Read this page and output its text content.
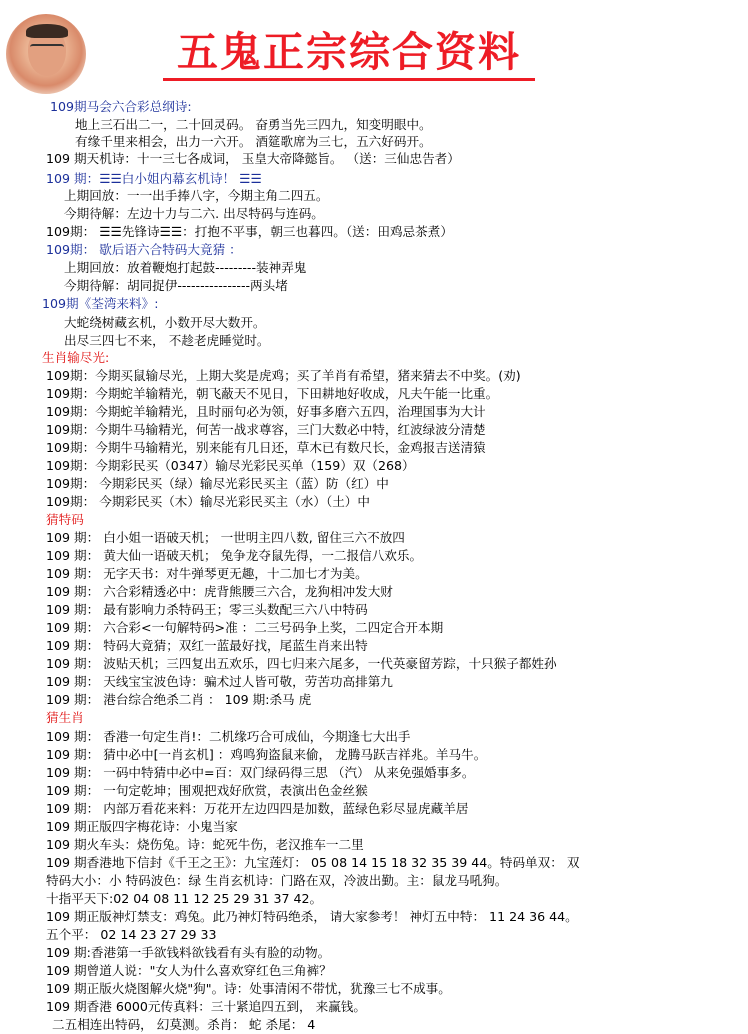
五鬼正宗综合资料
109期马会六合彩总纲诗:
地上三石出二一，二十回灵码。 奋勇当先三四九，知变明眼中。
有缘千里来相会，出力一六开。 酒筵歌席为三七，五六好码开。
109 期天机诗：十一三七各成词， 玉皇大帝降懿旨。 （送：三仙忠告者）
109 期：☰☰白小姐内幕玄机诗！ ☰☰
上期回放：一一出手捧八字，今期主角二四五。
今期待解：左边十力与二六. 出尽特码与连码。
109期： ☰☰先锋诗☰☰：打抱不平事，朝三也暮四。（送：田鸡忌茶煮）
109期： 歇后语六合特码大竟猜 ：
上期回放：放着鞭炮打起鼓---------装神弄鬼
今期待解：胡同捉伊----------------两头堵
109期《荃湾来料》:
大蛇绕树藏玄机，小数开尽大数开。
出尽三四七不来， 不趁老虎睡觉时。
生肖输尽光:
109期：今期买鼠输尽光，上期大奖是虎鸡；买了羊肖有希望，猪来猜去不中奖。(劝)
109期：今期蛇羊输精光，朝飞蔽天不见日，下田耕地好收成，凡夫午能一比重。
109期：今期蛇羊输精光，且时丽句必为领，好事多磨六五四，治理国事为大计
109期：今期牛马输精光，何苦一战求尊容，三门大数必中特，红波绿波分清楚
109期：今期牛马输精光，别来能有几日还，草木已有数尺长，金鸡报吉送清猿
109期：今期彩民买（0347）输尽光彩民买单（159）双（268）
109期： 今期彩民买（绿）输尽光彩民买主（蓝）防（红）中
109期： 今期彩民买（木）输尽光彩民买主（水）（土）中
猜特码
109 期： 白小姐一语破天机； 一世明主四八数, 留住三六不放四
109 期： 黄大仙一语破天机； 兔争龙夺鼠先得，一二报信八欢乐。
109 期： 无字天书：对牛弹琴更无趣，十二加七才为美。
109 期： 六合彩精透必中：虎背熊腰三六合，龙狗相冲发大财
109 期： 最有影响力杀特码王；零三头数配三六八中特码
109 期： 六合彩<一句解特码>准 ：二三号码争上奖，二四定合开本期
109 期： 特码大竟猜；双红一蓝最好找，尾蓝生肖来出特
109 期： 波贴天机；三四复出五欢乐，四七归来六尾多，一代英豪留芳踪，十只猴子都姓孙
109 期： 天线宝宝波色诗：骗术过人皆可敬，劳苦功高排第九
109 期： 港台综合绝杀二肖 ： 109 期:杀马 虎
猜生肖
109 期： 香港一句定生肖!：二机缘巧合可成仙，今期逢七大出手
109 期： 猜中必中[一肖玄机] ：鸡鸣狗盗鼠来偷， 龙腾马跃吉祥兆。羊马牛。
109 期： 一码中特猜中必中=百：双门绿码得三思 （汽） 从来免强婚事多。
109 期： 一句定乾坤；围观把戏好欣赏，表演出色金丝猴
109 期： 内部万看花来料：万花开左边四四是加数，蓝绿色彩尽显虎藏羊居
109 期正版四字梅花诗：小鬼当家
109 期火车头：烧伤兔。诗：蛇死牛伤，老汉推车一二里
109 期香港地下信封《千王之王》：九宝莲灯： 05 08 14 15 18 32 35 39 44。特码单双： 双
特码大小：小 特码波色：绿 生肖玄机诗：门路在双，冷波出勤。主：鼠龙马吼狗。
十指平天下:02 04 08 11 12 25 29 31 37 42。
109 期正版神灯禁支：鸡兔。此乃神灯特码绝杀， 请大家参考！ 神灯五中特： 11 24 36 44。
五个平： 02 14 23 27 29 33
109 期:香港第一手欲钱料欲钱看有头有脸的动物。
109 期曾道人说："女人为什么喜欢穿红色三角裤？
109 期正版火烧图解火烧"狗"。诗：处事清闲不带忧，犹豫三七不成事。
109 期香港 6000元传真料：三十紧追四五到， 来赢钱。
二五相连出特码， 幻莫测。杀肖： 蛇 杀尾： 4
